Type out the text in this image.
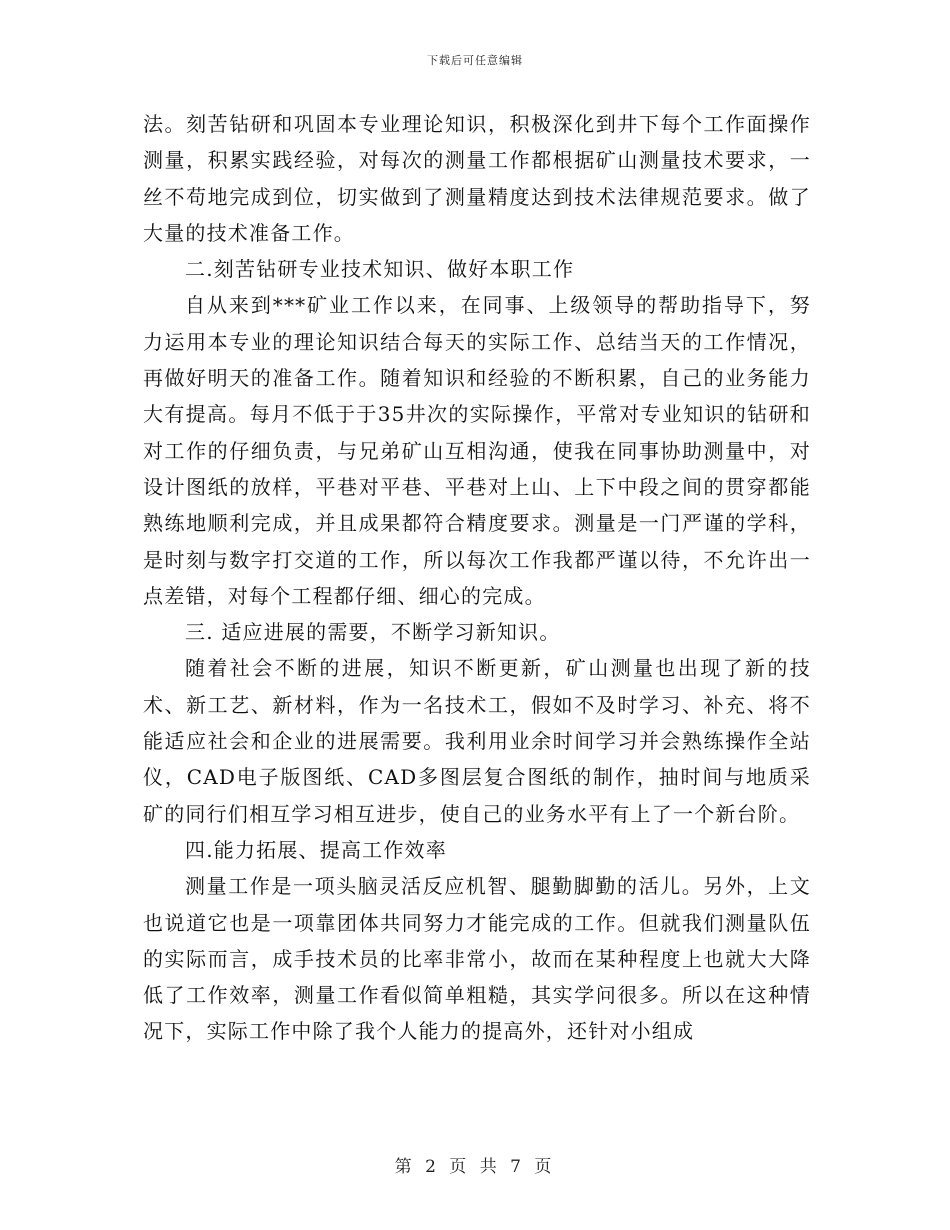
下载后可任意编辑

法。刻苦钻研和巩固本专业理论知识，积极深化到井下每个工作面操作测量，积累实践经验，对每次的测量工作都根据矿山测量技术要求，一丝不苟地完成到位，切实做到了测量精度达到技术法律规范要求。做了大量的技术准备工作。

二.刻苦钻研专业技术知识、做好本职工作

自从来到***矿业工作以来，在同事、上级领导的帮助指导下，努力运用本专业的理论知识结合每天的实际工作、总结当天的工作情况，再做好明天的准备工作。随着知识和经验的不断积累，自己的业务能力大有提高。每月不低于于35井次的实际操作，平常对专业知识的钻研和对工作的仔细负责，与兄弟矿山互相沟通，使我在同事协助测量中，对设计图纸的放样，平巷对平巷、平巷对上山、上下中段之间的贯穿都能熟练地顺利完成，并且成果都符合精度要求。测量是一门严谨的学科，是时刻与数字打交道的工作，所以每次工作我都严谨以待，不允许出一点差错，对每个工程都仔细、细心的完成。

三. 适应进展的需要，不断学习新知识。

随着社会不断的进展，知识不断更新，矿山测量也出现了新的技术、新工艺、新材料，作为一名技术工，假如不及时学习、补充、将不能适应社会和企业的进展需要。我利用业余时间学习并会熟练操作全站仪，CAD电子版图纸、CAD多图层复合图纸的制作，抽时间与地质采矿的同行们相互学习相互进步，使自己的业务水平有上了一个新台阶。

四.能力拓展、提高工作效率

测量工作是一项头脑灵活反应机智、腿勤脚勤的活儿。另外，上文也说道它也是一项靠团体共同努力才能完成的工作。但就我们测量队伍的实际而言，成手技术员的比率非常小，故而在某种程度上也就大大降低了工作效率，测量工作看似简单粗糙，其实学问很多。所以在这种情况下，实际工作中除了我个人能力的提高外，还针对小组成

第 2 页 共 7 页
